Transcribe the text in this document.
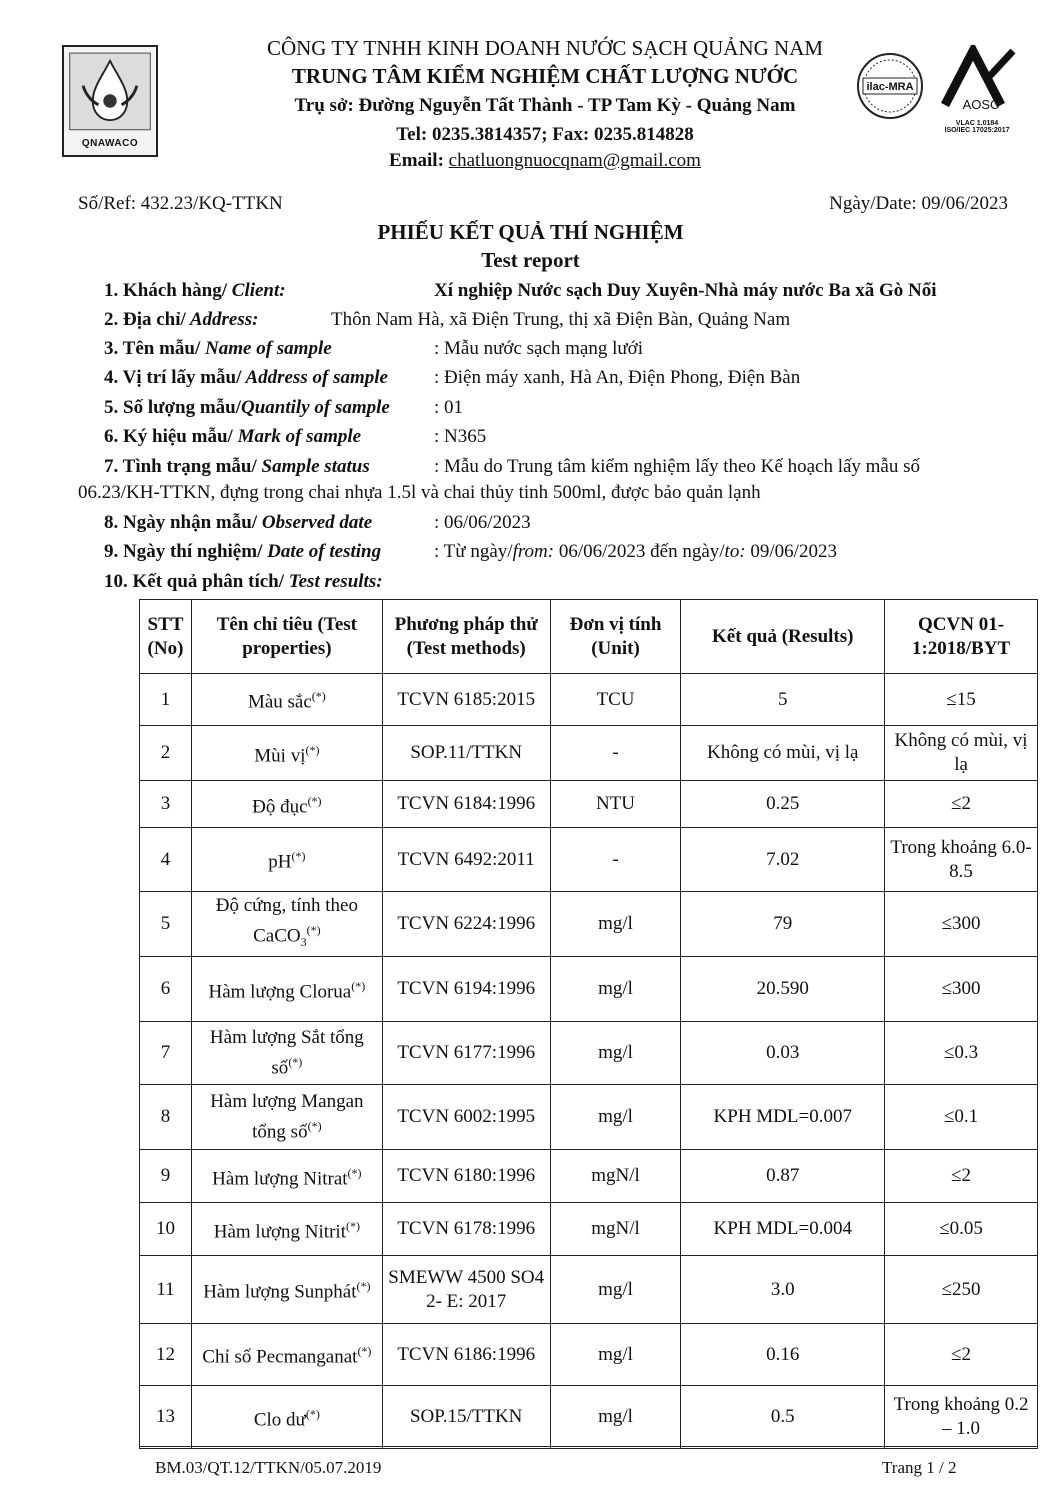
QNAWACO
CÔNG TY TNHH KINH DOANH NƯỚC SẠCH QUẢNG NAM
TRUNG TÂM KIỂM NGHIỆM CHẤT LƯỢNG NƯỚC
Trụ sở: Đường Nguyễn Tất Thành - TP Tam Kỳ - Quảng Nam
Tel: 0235.3814357; Fax: 0235.814828
Email: chatluongnuocqnam@gmail.com
ilac-MRA
AOSC
VLAC 1.0184
ISO/IEC 17025:2017
Số/Ref: 432.23/KQ-TTKN	Ngày/Date: 09/06/2023
PHIẾU KẾT QUẢ THÍ NGHIỆM
Test report
1. Khách hàng/ Client:	Xí nghiệp Nước sạch Duy Xuyên-Nhà máy nước Ba xã Gò Nổi
2. Địa chỉ/ Address:	Thôn Nam Hà, xã Điện Trung, thị xã Điện Bàn, Quảng Nam
3. Tên mẫu/ Name of sample	: Mẫu nước sạch mạng lưới
4. Vị trí lấy mẫu/ Address of sample : Điện máy xanh, Hà An, Điện Phong, Điện Bàn
5. Số lượng mẫu/Quantily of sample : 01
6. Ký hiệu mẫu/ Mark of sample	: N365
7. Tình trạng mẫu/ Sample status	: Mẫu do Trung tâm kiểm nghiệm lấy theo Kế hoạch lấy mẫu số
06.23/KH-TTKN, đựng trong chai nhựa 1.5l và chai thủy tinh 500ml, được bảo quản lạnh
8. Ngày nhận mẫu/ Observed date	: 06/06/2023
9. Ngày thí nghiệm/ Date of testing	: Từ ngày/from: 06/06/2023 đến ngày/to: 09/06/2023
10. Kết quả phân tích/ Test results:
STT (No)	Tên chỉ tiêu (Test properties)	Phương pháp thử (Test methods)	Đơn vị tính (Unit)	Kết quả (Results)	QCVN 01-1:2018/BYT
1	Màu sắc(*)	TCVN 6185:2015	TCU	5	≤15
2	Mùi vị(*)	SOP.11/TTKN	-	Không có mùi, vị lạ	Không có mùi, vị lạ
3	Độ đục(*)	TCVN 6184:1996	NTU	0.25	≤2
4	pH(*)	TCVN 6492:2011	-	7.02	Trong khoảng 6.0-8.5
5	Độ cứng, tính theo CaCO$_3$(*)	TCVN 6224:1996	mg/l	79	≤300
6	Hàm lượng Clorua(*)	TCVN 6194:1996	mg/l	20.590	≤300
7	Hàm lượng Sắt tổng số(*)	TCVN 6177:1996	mg/l	0.03	≤0.3
8	Hàm lượng Mangan tổng số(*)	TCVN 6002:1995	mg/l	KPH MDL=0.007	≤0.1
9	Hàm lượng Nitrat(*)	TCVN 6180:1996	mgN/l	0.87	≤2
10	Hàm lượng Nitrit(*)	TCVN 6178:1996	mgN/l	KPH MDL=0.004	≤0.05
11	Hàm lượng Sunphát(*)	SMEWW 4500 SO4 2- E: 2017	mg/l	3.0	≤250
12	Chỉ số Pecmanganat(*)	TCVN 6186:1996	mg/l	0.16	≤2
13	Clo dư(*)	SOP.15/TTKN	mg/l	0.5	Trong khoảng 0.2 – 1.0
BM.03/QT.12/TTKN/05.07.2019	Trang 1 / 2
